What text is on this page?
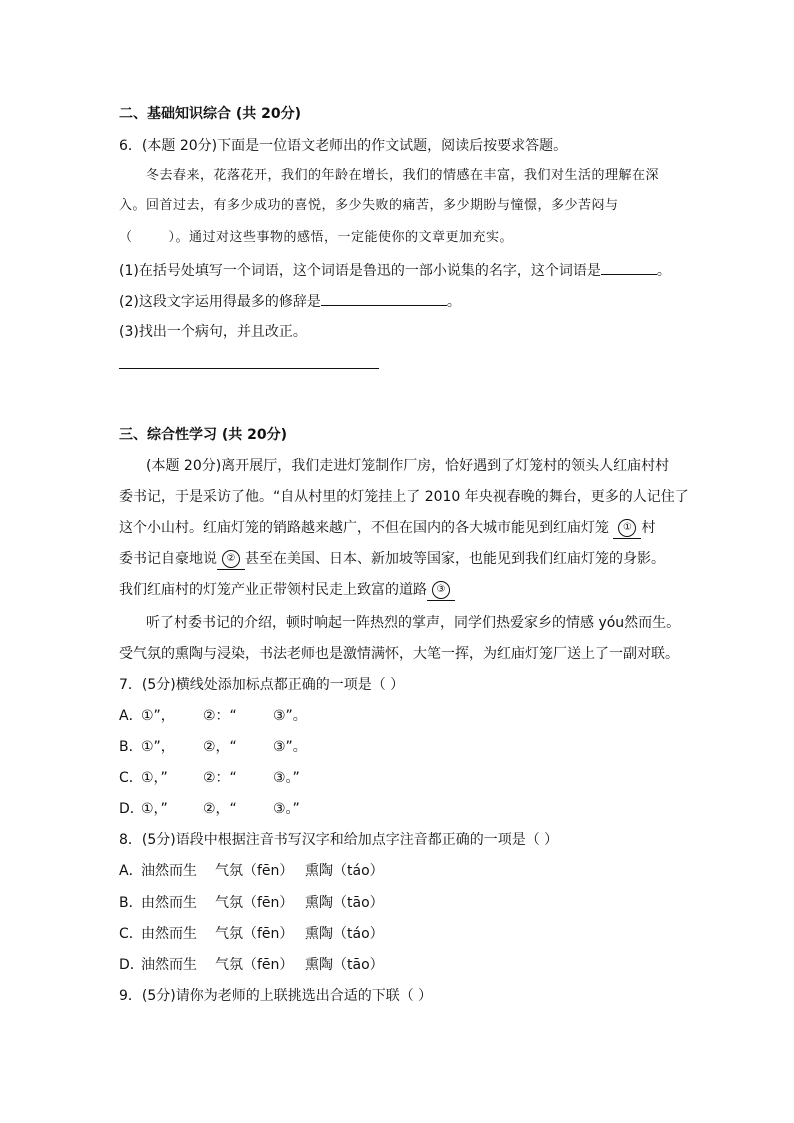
二、基础知识综合 (共 20分)
6．(本题 20分)下面是一位语文老师出的作文试题，阅读后按要求答题。
冬去春来，花落花开，我们的年龄在增长，我们的情感在丰富，我们对生活的理解在深
入。回首过去，有多少成功的喜悦，多少失败的痛苦，多少期盼与憧憬，多少苦闷与
（	）。通过对这些事物的感悟，一定能使你的文章更加充实。
(1)在括号处填写一个词语，这个词语是鲁迅的一部小说集的名字，这个词语是	。
(2)这段文字运用得最多的修辞是	。
(3)找出一个病句，并且改正。
三、综合性学习 (共 20分)
(本题 20分)离开展厅，我们走进灯笼制作厂房，恰好遇到了灯笼村的领头人红庙村村
委书记，于是采访了他。“自从村里的灯笼挂上了 2010 年央视春晚的舞台，更多的人记住了
这个小山村。红庙灯笼的销路越来越广，不但在国内的各大城市能见到红庙灯笼 ① 村
委书记自豪地说 ② 甚至在美国、日本、新加坡等国家，也能见到我们红庙灯笼的身影。
我们红庙村的灯笼产业正带领村民走上致富的道路 ③
听了村委书记的介绍，顿时响起一阵热烈的掌声，同学们热爱家乡的情感 yóu然而生。
受气氛的熏陶与浸染，书法老师也是激情满怀，大笔一挥，为红庙灯笼厂送上了一副对联。
7．(5分)横线处添加标点都正确的一项是（ ）
A．①”， ②：“	③”。
B．①”， ②，“	③”。
C．①，”	②：“	③。”
D．①，”	②，“	③。”
8．(5分)语段中根据注音书写汉字和给加点字注音都正确的一项是（ ）
A．油然而生 气氛（fēn） 熏陶（táo）
B．由然而生 气氛（fēn） 熏陶（tāo）
C．由然而生 气氛（fēn） 熏陶（táo）
D．油然而生 气氛（fēn） 熏陶（tāo）
9．(5分)请你为老师的上联挑选出合适的下联（ ）
